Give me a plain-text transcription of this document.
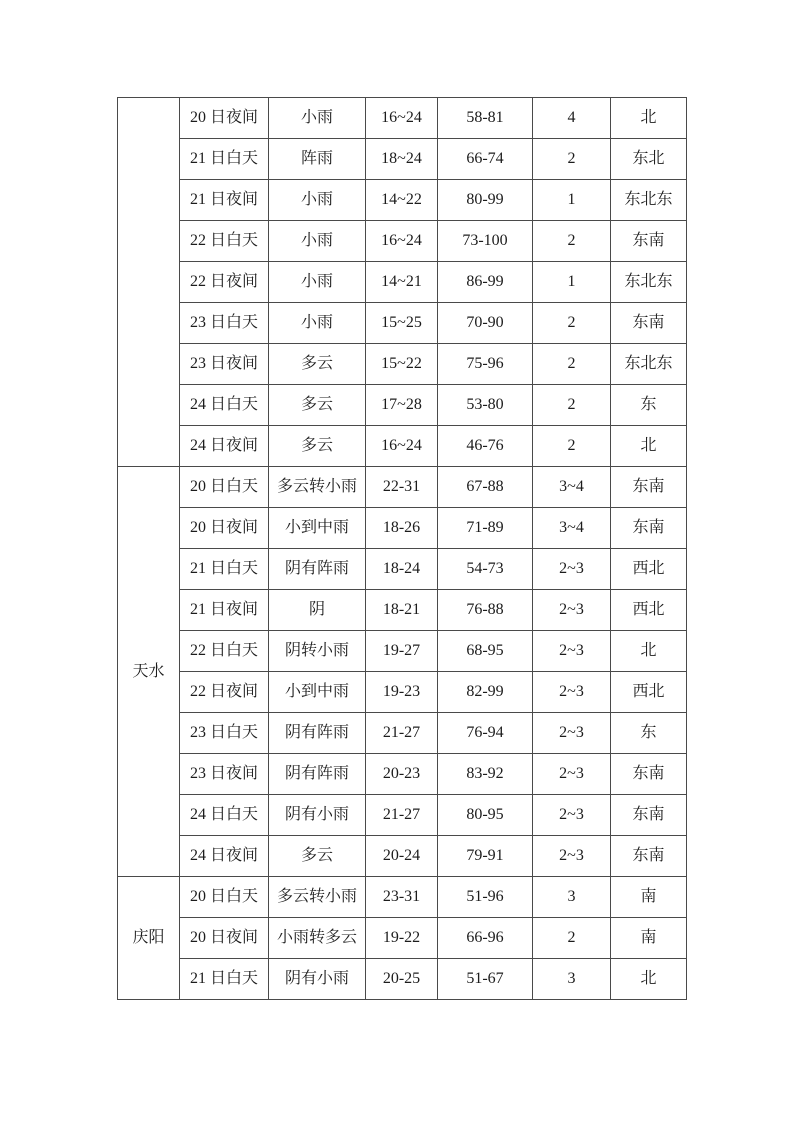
	20 日夜间	小雨	16~24	58-81	4	北
	21 日白天	阵雨	18~24	66-74	2	东北
	21 日夜间	小雨	14~22	80-99	1	东北东
	22 日白天	小雨	16~24	73-100	2	东南
	22 日夜间	小雨	14~21	86-99	1	东北东
	23 日白天	小雨	15~25	70-90	2	东南
	23 日夜间	多云	15~22	75-96	2	东北东
	24 日白天	多云	17~28	53-80	2	东
	24 日夜间	多云	16~24	46-76	2	北
天水	20 日白天	多云转小雨	22-31	67-88	3~4	东南
	20 日夜间	小到中雨	18-26	71-89	3~4	东南
	21 日白天	阴有阵雨	18-24	54-73	2~3	西北
	21 日夜间	阴	18-21	76-88	2~3	西北
	22 日白天	阴转小雨	19-27	68-95	2~3	北
	22 日夜间	小到中雨	19-23	82-99	2~3	西北
	23 日白天	阴有阵雨	21-27	76-94	2~3	东
	23 日夜间	阴有阵雨	20-23	83-92	2~3	东南
	24 日白天	阴有小雨	21-27	80-95	2~3	东南
	24 日夜间	多云	20-24	79-91	2~3	东南
庆阳	20 日白天	多云转小雨	23-31	51-96	3	南
	20 日夜间	小雨转多云	19-22	66-96	2	南
	21 日白天	阴有小雨	20-25	51-67	3	北
